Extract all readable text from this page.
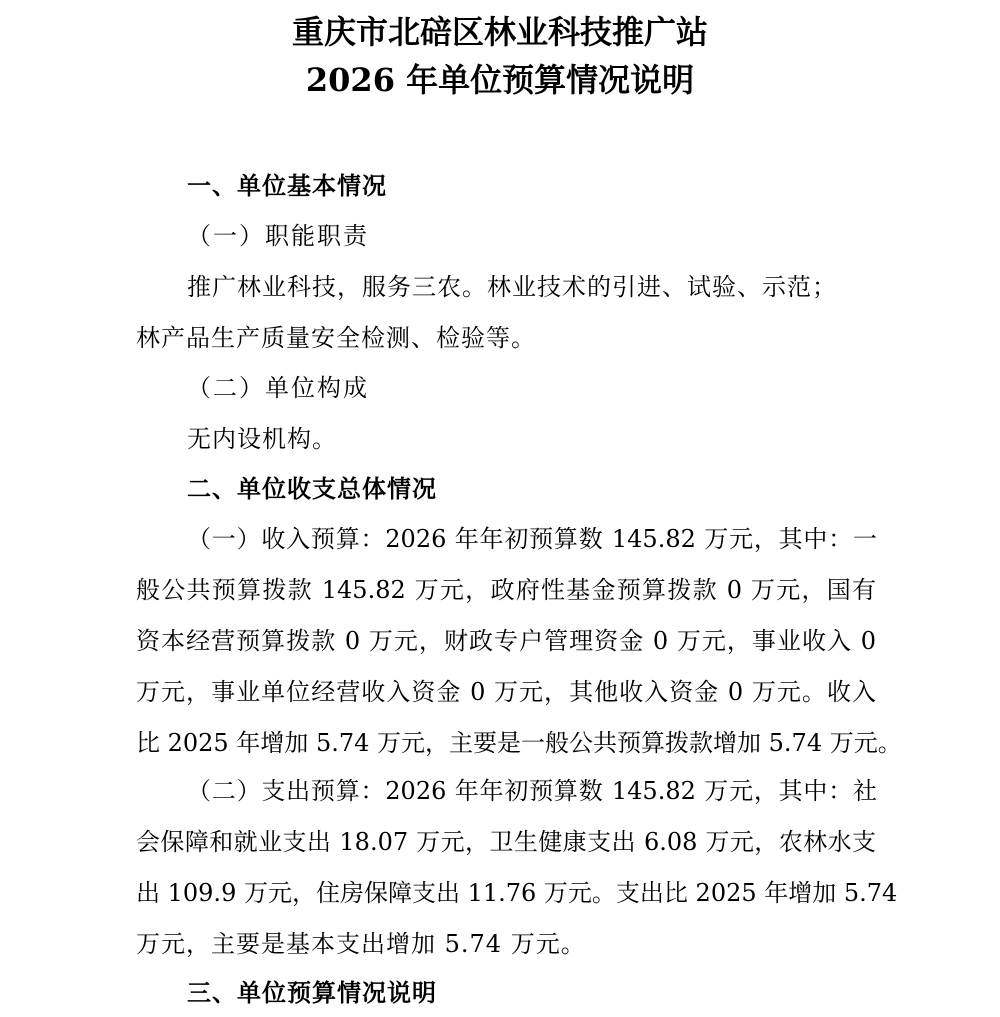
重庆市北碚区林业科技推广站
2026 年单位预算情况说明
一、单位基本情况
（一）职能职责
推广林业科技，服务三农。林业技术的引进、试验、示范；
林产品生产质量安全检测、检验等。
（二）单位构成
无内设机构。
二、单位收支总体情况
（一）收入预算：2026 年年初预算数 145.82 万元，其中：一
般公共预算拨款 145.82 万元，政府性基金预算拨款 0 万元，国有
资本经营预算拨款 0 万元，财政专户管理资金 0 万元，事业收入 0
万元，事业单位经营收入资金 0 万元，其他收入资金 0 万元。收入
比 2025 年增加 5.74 万元，主要是一般公共预算拨款增加 5.74 万元。
（二）支出预算：2026 年年初预算数 145.82 万元，其中：社
会保障和就业支出 18.07 万元，卫生健康支出 6.08 万元，农林水支
出 109.9 万元，住房保障支出 11.76 万元。支出比 2025 年增加 5.74
万元，主要是基本支出增加 5.74 万元。
三、单位预算情况说明
